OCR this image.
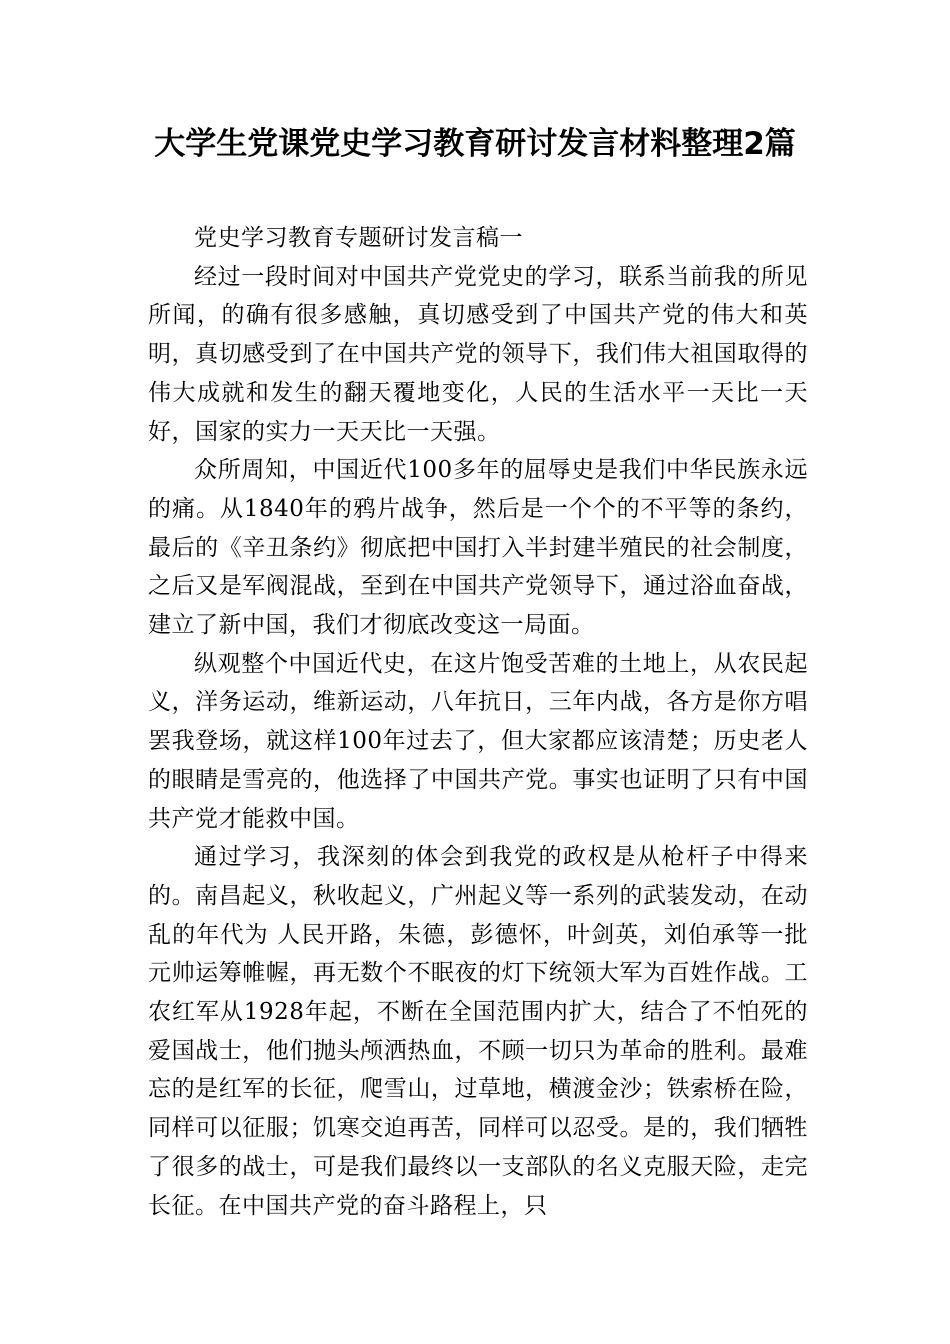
大学生党课党史学习教育研讨发言材料整理2篇

党史学习教育专题研讨发言稿一

经过一段时间对中国共产党党史的学习，联系当前我的所见所闻，的确有很多感触，真切感受到了中国共产党的伟大和英明，真切感受到了在中国共产党的领导下，我们伟大祖国取得的伟大成就和发生的翻天覆地变化，人民的生活水平一天比一天好，国家的实力一天天比一天强。

众所周知，中国近代100多年的屈辱史是我们中华民族永远的痛。从1840年的鸦片战争，然后是一个个的不平等的条约，最后的《辛丑条约》彻底把中国打入半封建半殖民的社会制度，之后又是军阀混战，至到在中国共产党领导下，通过浴血奋战，建立了新中国，我们才彻底改变这一局面。

纵观整个中国近代史，在这片饱受苦难的土地上，从农民起义，洋务运动，维新运动，八年抗日，三年内战，各方是你方唱罢我登场，就这样100年过去了，但大家都应该清楚；历史老人的眼睛是雪亮的，他选择了中国共产党。事实也证明了只有中国共产党才能救中国。

通过学习，我深刻的体会到我党的政权是从枪杆子中得来的。南昌起义，秋收起义，广州起义等一系列的武装发动，在动乱的年代为 人民开路，朱德，彭德怀，叶剑英，刘伯承等一批元帅运筹帷幄，再无数个不眠夜的灯下统领大军为百姓作战。工农红军从1928年起，不断在全国范围内扩大，结合了不怕死的爱国战士，他们抛头颅洒热血，不顾一切只为革命的胜利。最难忘的是红军的长征，爬雪山，过草地，横渡金沙；铁索桥在险，同样可以征服；饥寒交迫再苦，同样可以忍受。是的，我们牺牲了很多的战士，可是我们最终以一支部队的名义克服天险，走完长征。在中国共产党的奋斗路程上，只
